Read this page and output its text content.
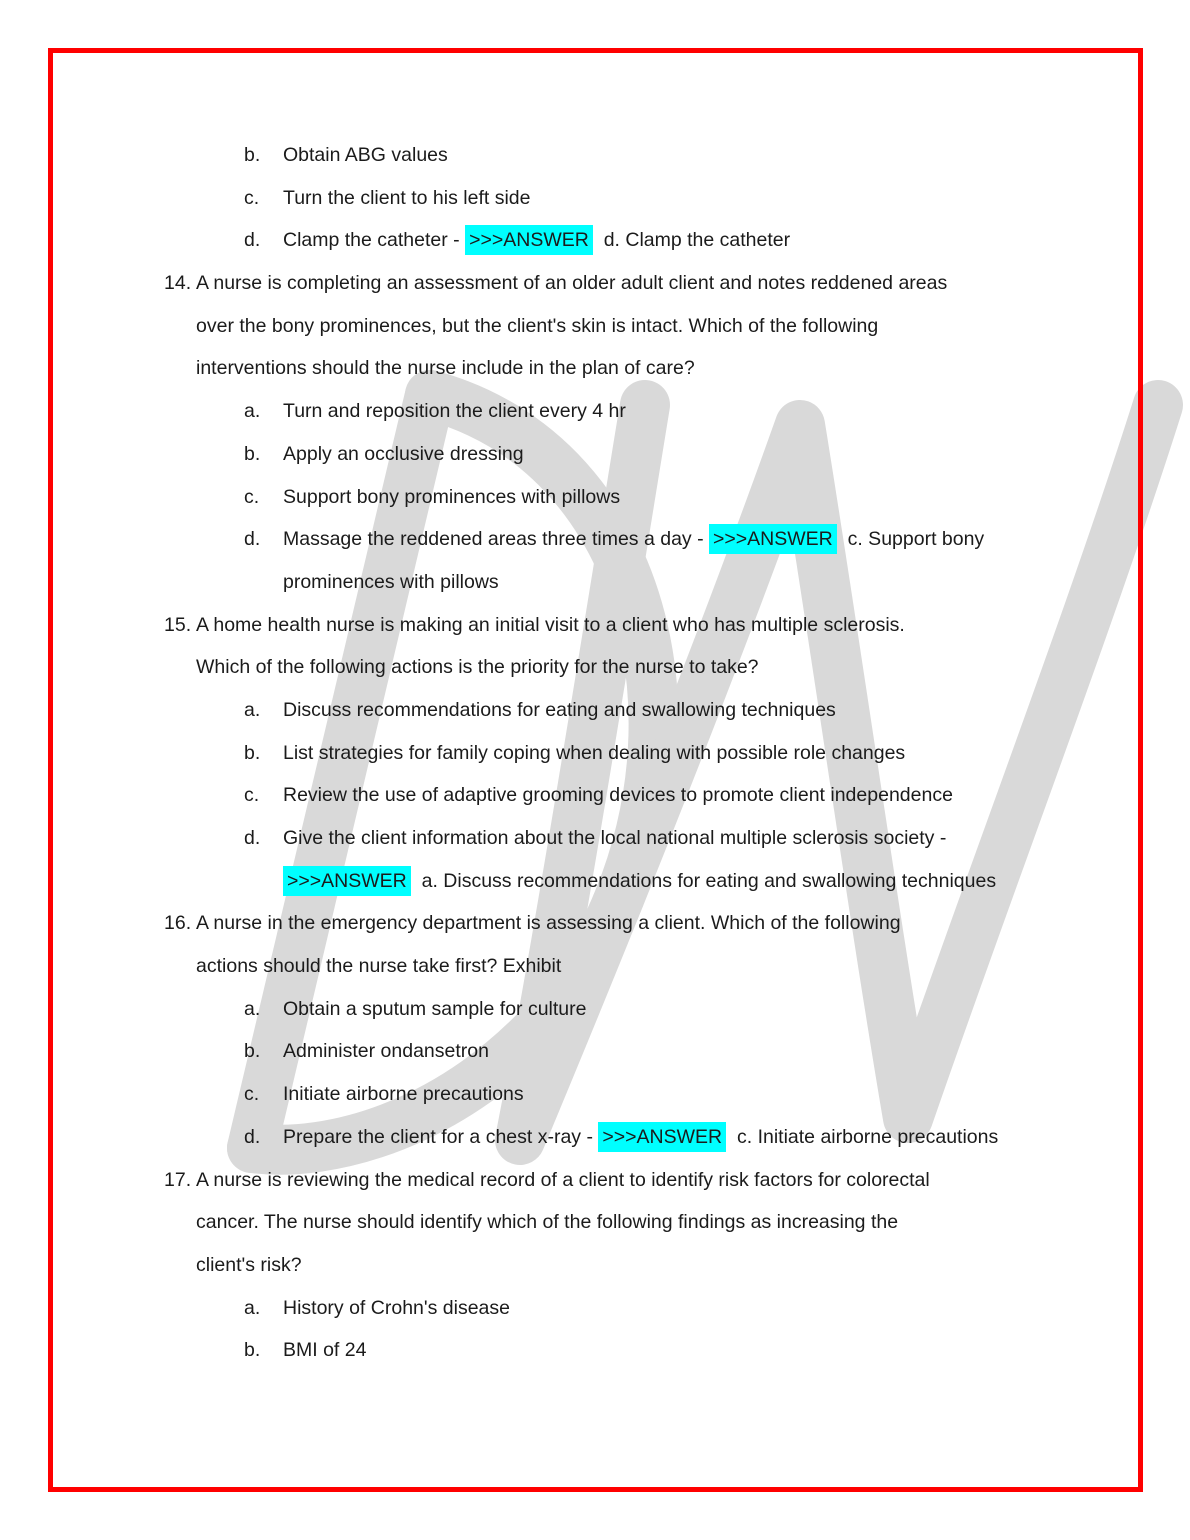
b. Obtain ABG values
c. Turn the client to his left side
d. Clamp the catheter - >>>ANSWER  d. Clamp the catheter
14. A nurse is completing an assessment of an older adult client and notes reddened areas
over the bony prominences, but the client's skin is intact. Which of the following
interventions should the nurse include in the plan of care?
a. Turn and reposition the client every 4 hr
b. Apply an occlusive dressing
c. Support bony prominences with pillows
d. Massage the reddened areas three times a day - >>>ANSWER  c. Support bony
prominences with pillows
15. A home health nurse is making an initial visit to a client who has multiple sclerosis.
Which of the following actions is the priority for the nurse to take?
a. Discuss recommendations for eating and swallowing techniques
b. List strategies for family coping when dealing with possible role changes
c. Review the use of adaptive grooming devices to promote client independence
d. Give the client information about the local national multiple sclerosis society -
>>>ANSWER  a. Discuss recommendations for eating and swallowing techniques
16. A nurse in the emergency department is assessing a client. Which of the following
actions should the nurse take first? Exhibit
a. Obtain a sputum sample for culture
b. Administer ondansetron
c. Initiate airborne precautions
d. Prepare the client for a chest x-ray - >>>ANSWER  c. Initiate airborne precautions
17. A nurse is reviewing the medical record of a client to identify risk factors for colorectal
cancer. The nurse should identify which of the following findings as increasing the
client's risk?
a. History of Crohn's disease
b. BMI of 24
